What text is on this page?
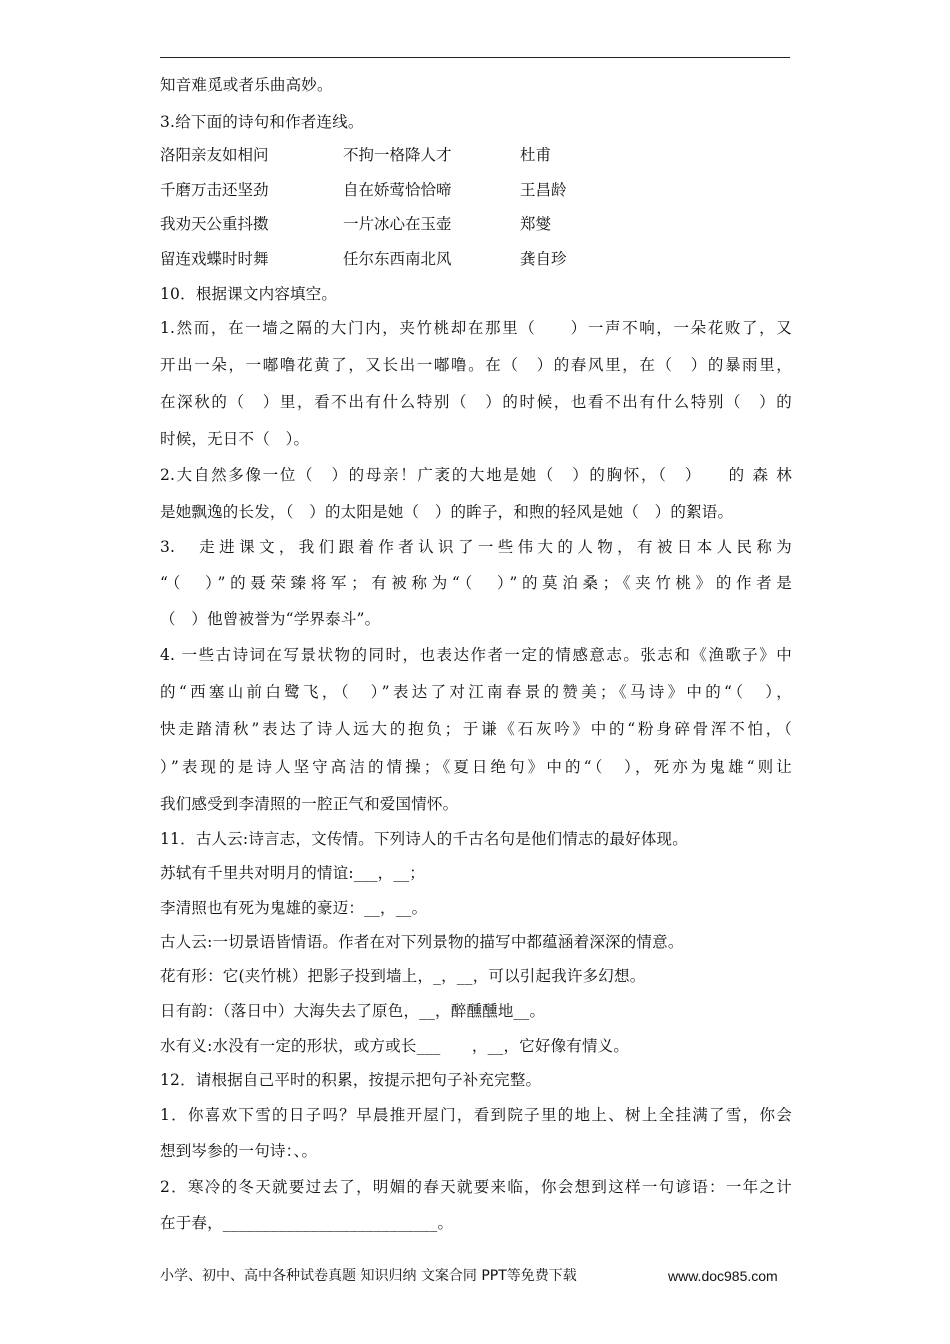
知音难觅或者乐曲高妙。
3.给下面的诗句和作者连线。
洛阳亲友如相问	不拘一格降人才	杜甫
千磨万击还坚劲	自在娇莺恰恰啼	王昌龄
我劝天公重抖擞	一片冰心在玉壶	郑燮
留连戏蝶时时舞	任尔东西南北风	龚自珍
10．根据课文内容填空。
1.然而，在一墙之隔的大门内，夹竹桃却在那里（　　）一声不响，一朵花败了，又
开出一朵，一嘟噜花黄了，又长出一嘟噜。在（　）的春风里，在（　）的暴雨里，
在深秋的（　）里，看不出有什么特别（　）的时候，也看不出有什么特别（　）的
时候，无日不（　）。
2.大自然多像一位（　）的母亲！广袤的大地是她（　）的胸怀，（　）　　的 森 林
是她飘逸的长发，（　）的太阳是她（　）的眸子，和煦的轻风是她（　）的絮语。
3.　走进课文，我们跟着作者认识了一些伟大的人物，有被日本人民称为
“（　）”的聂荣臻将军；有被称为“（　）”的莫泊桑；《夹竹桃》的作者是
（　）他曾被誉为“学界泰斗”。
4. 一些古诗词在写景状物的同时，也表达作者一定的情感意志。张志和《渔歌子》中
的“西塞山前白鹭飞，（　）”表达了对江南春景的赞美；《马诗》中的“（　），
快走踏清秋”表达了诗人远大的抱负；于谦《石灰吟》中的“粉身碎骨浑不怕，（
）”表现的是诗人坚守高洁的情操；《夏日绝句》中的“（　），死亦为鬼雄“则让
我们感受到李清照的一腔正气和爱国情怀。
11．古人云:诗言志，文传情。下列诗人的千古名句是他们情志的最好体现。
苏轼有千里共对明月的情谊:___，__；
李清照也有死为鬼雄的豪迈：__，__。
古人云:一切景语皆情语。作者在对下列景物的描写中都蕴涵着深深的情意。
花有形：它(夹竹桃）把影子投到墙上，_，__，可以引起我许多幻想。
日有韵：（落日中）大海失去了原色，__，醉醺醺地__。
水有义:水没有一定的形状，或方或长___　　，__，它好像有情义。
12．请根据自己平时的积累，按提示把句子补充完整。
1．你喜欢下雪的日子吗？早晨推开屋门，看到院子里的地上、树上全挂满了雪，你会
想到岑参的一句诗：、。
2．寒冷的冬天就要过去了，明媚的春天就要来临，你会想到这样一句谚语：一年之计
在于春，___________________________。
小学、初中、高中各种试卷真题 知识归纳 文案合同 PPT等免费下载	www.doc985.com
